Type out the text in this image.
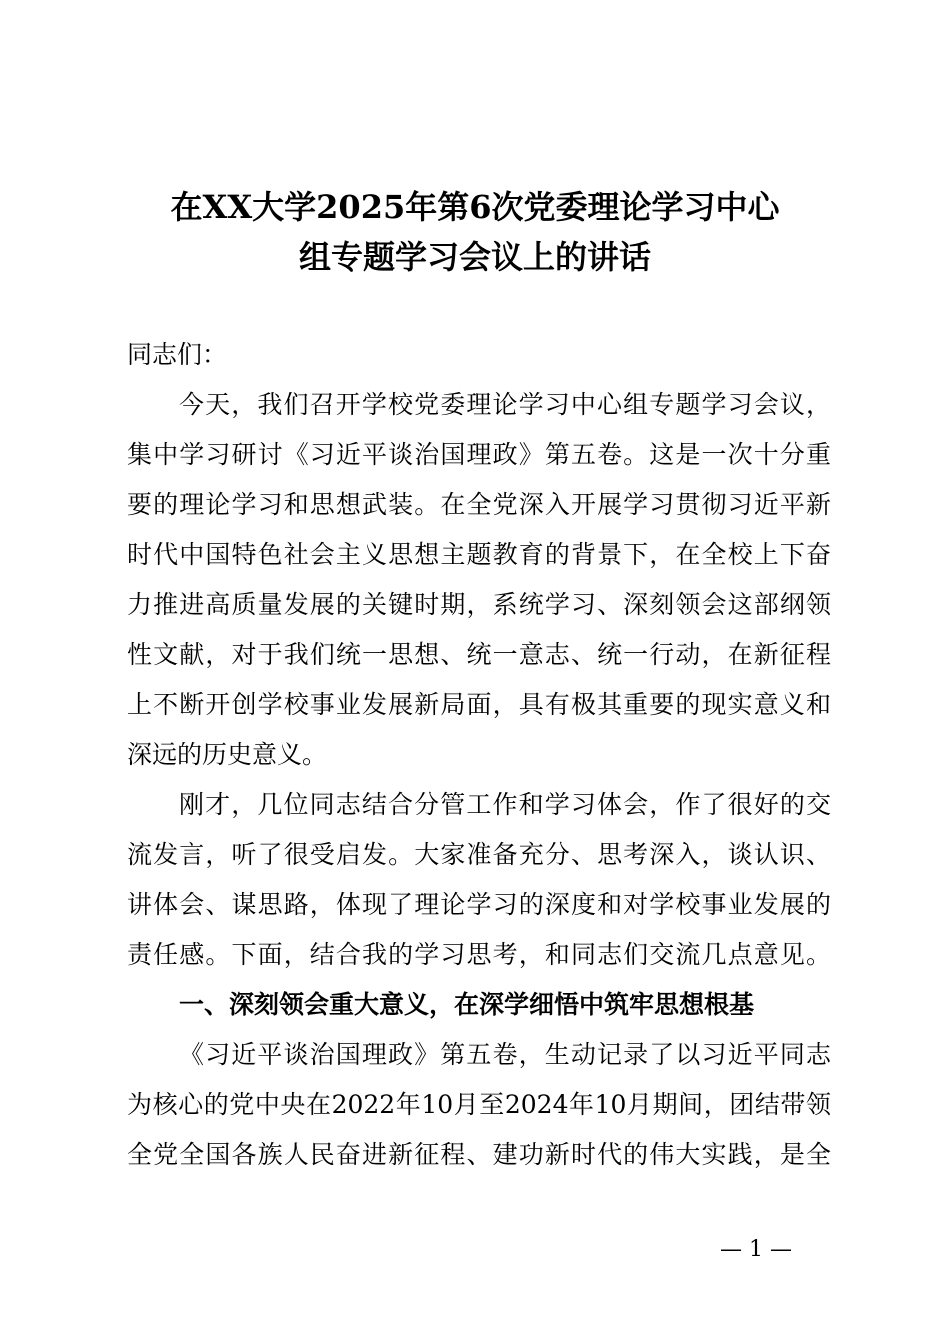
在XX大学2025年第6次党委理论学习中心
组专题学习会议上的讲话
同志们：
今天，我们召开学校党委理论学习中心组专题学习会议，
集中学习研讨《习近平谈治国理政》第五卷。这是一次十分重
要的理论学习和思想武装。在全党深入开展学习贯彻习近平新
时代中国特色社会主义思想主题教育的背景下，在全校上下奋
力推进高质量发展的关键时期，系统学习、深刻领会这部纲领
性文献，对于我们统一思想、统一意志、统一行动，在新征程
上不断开创学校事业发展新局面，具有极其重要的现实意义和
深远的历史意义。
刚才，几位同志结合分管工作和学习体会，作了很好的交
流发言，听了很受启发。大家准备充分、思考深入，谈认识、
讲体会、谋思路，体现了理论学习的深度和对学校事业发展的
责任感。下面，结合我的学习思考，和同志们交流几点意见。
一、深刻领会重大意义，在深学细悟中筑牢思想根基
《习近平谈治国理政》第五卷，生动记录了以习近平同志
为核心的党中央在2022年10月至2024年10月期间，团结带领
全党全国各族人民奋进新征程、建功新时代的伟大实践，是全
— 1 —
